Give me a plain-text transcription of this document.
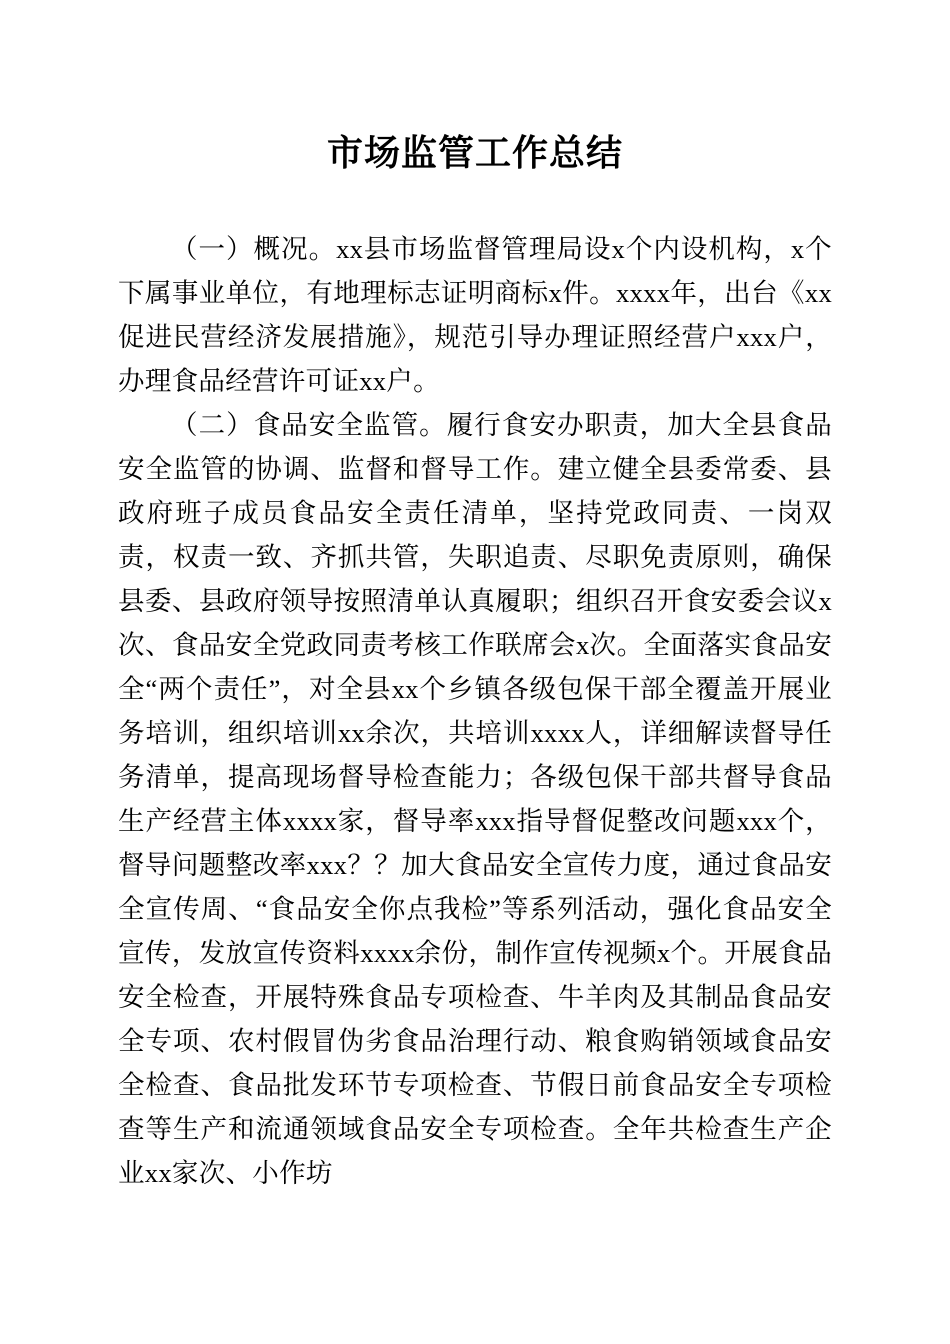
市场监管工作总结

（一）概况。xx县市场监督管理局设x个内设机构，x个下属事业单位，有地理标志证明商标x件。xxxx年，出台《xx促进民营经济发展措施》，规范引导办理证照经营户xxx户，办理食品经营许可证xx户。

（二）食品安全监管。履行食安办职责，加大全县食品安全监管的协调、监督和督导工作。建立健全县委常委、县政府班子成员食品安全责任清单，坚持党政同责、一岗双责，权责一致、齐抓共管，失职追责、尽职免责原则，确保县委、县政府领导按照清单认真履职；组织召开食安委会议x次、食品安全党政同责考核工作联席会x次。全面落实食品安全“两个责任”，对全县xx个乡镇各级包保干部全覆盖开展业务培训，组织培训xx余次，共培训xxxx人，详细解读督导任务清单，提高现场督导检查能力；各级包保干部共督导食品生产经营主体xxxx家，督导率xxx指导督促整改问题xxx个，督导问题整改率xxx？？加大食品安全宣传力度，通过食品安全宣传周、“食品安全你点我检”等系列活动，强化食品安全宣传，发放宣传资料xxxx余份，制作宣传视频x个。开展食品安全检查，开展特殊食品专项检查、牛羊肉及其制品食品安全专项、农村假冒伪劣食品治理行动、粮食购销领域食品安全检查、食品批发环节专项检查、节假日前食品安全专项检查等生产和流通领域食品安全专项检查。全年共检查生产企业xx家次、小作坊
